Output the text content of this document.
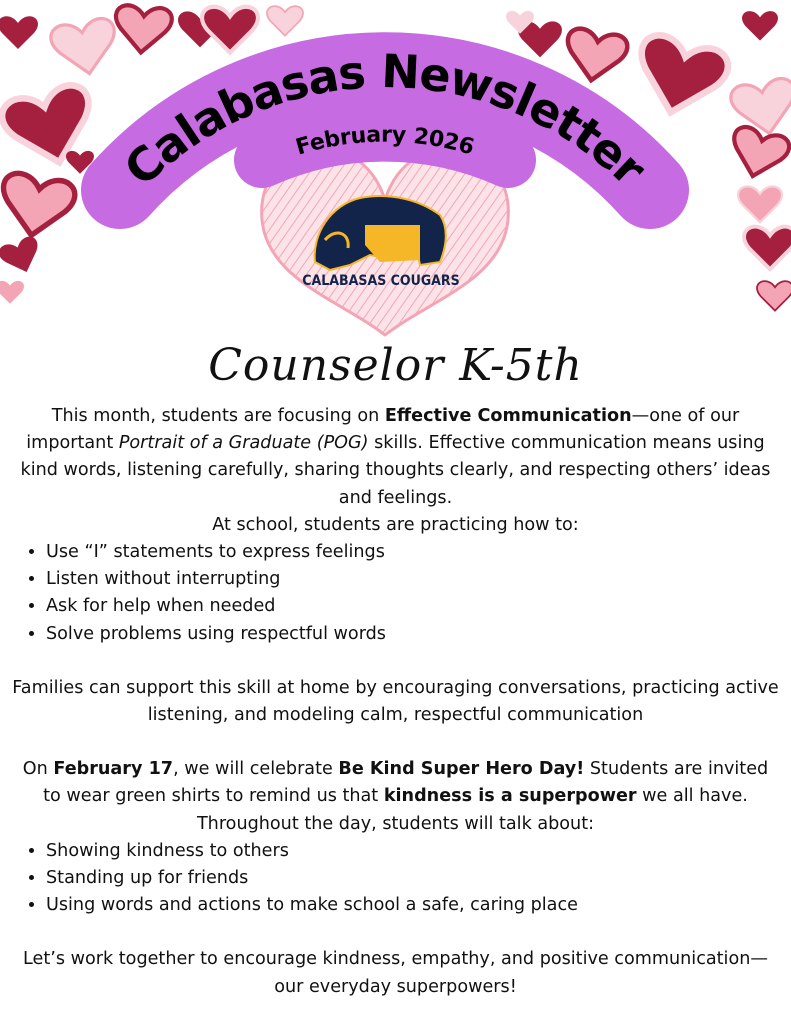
Calabasas Newsletter
February 2026
CALABASAS COUGARS
Counselor K-5th

This month, students are focusing on Effective Communication—one of our important Portrait of a Graduate (POG) skills. Effective communication means using kind words, listening carefully, sharing thoughts clearly, and respecting others’ ideas and feelings.

At school, students are practicing how to:

• Use “I” statements to express feelings
• Listen without interrupting
• Ask for help when needed
• Solve problems using respectful words

Families can support this skill at home by encouraging conversations, practicing active listening, and modeling calm, respectful communication

On February 17, we will celebrate Be Kind Super Hero Day! Students are invited to wear green shirts to remind us that kindness is a superpower we all have.
Throughout the day, students will talk about:

• Showing kindness to others
• Standing up for friends
• Using words and actions to make school a safe, caring place

Let’s work together to encourage kindness, empathy, and positive communication—our everyday superpowers!
